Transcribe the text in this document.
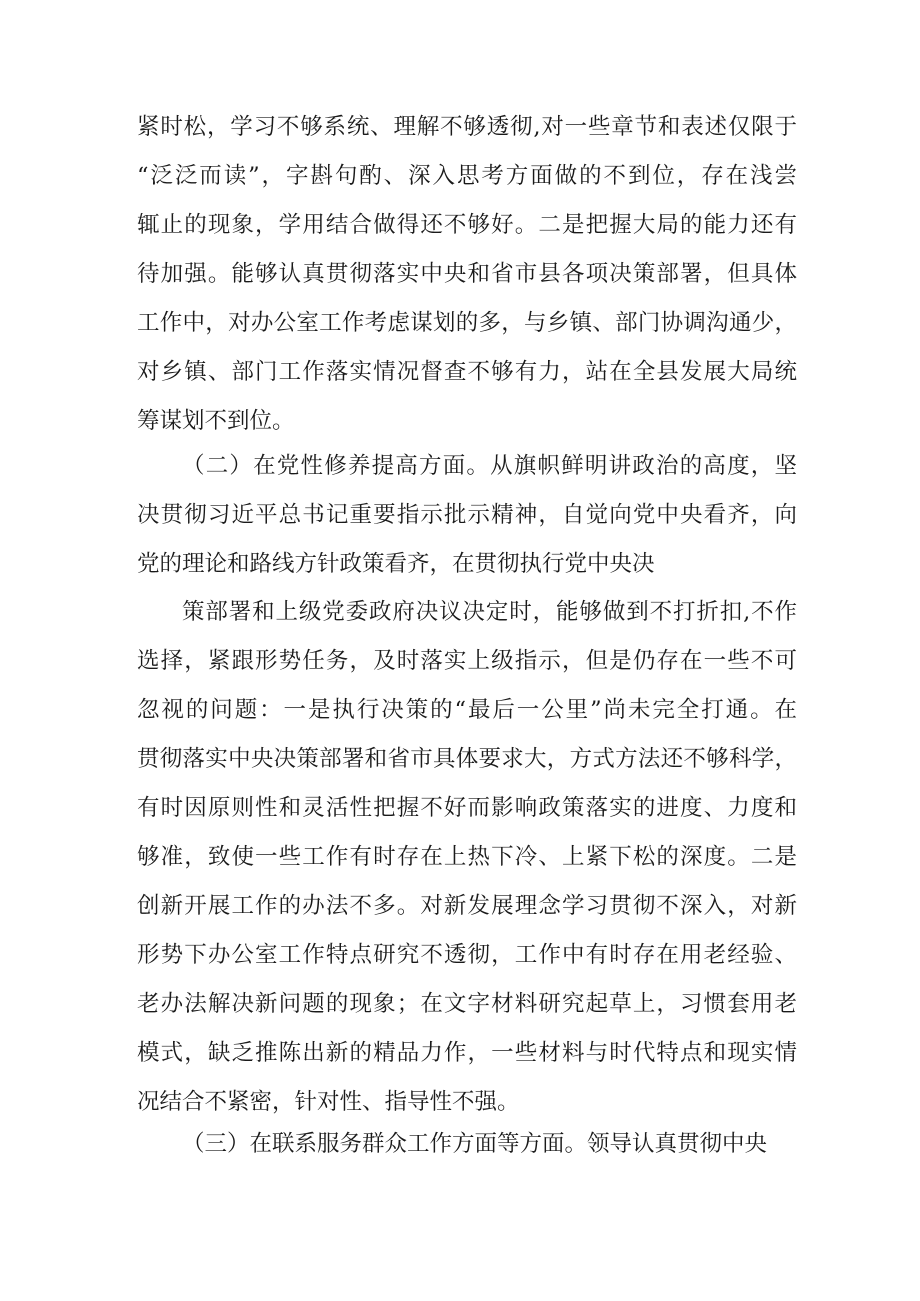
紧时松，学习不够系统、理解不够透彻,对一些章节和表述仅限于
“泛泛而读”，字斟句酌、深入思考方面做的不到位，存在浅尝
辄止的现象，学用结合做得还不够好。二是把握大局的能力还有
待加强。能够认真贯彻落实中央和省市县各项决策部署，但具体
工作中，对办公室工作考虑谋划的多，与乡镇、部门协调沟通少，
对乡镇、部门工作落实情况督查不够有力，站在全县发展大局统
筹谋划不到位。
（二）在党性修养提高方面。从旗帜鲜明讲政治的高度，坚
决贯彻习近平总书记重要指示批示精神，自觉向党中央看齐，向
党的理论和路线方针政策看齐，在贯彻执行党中央决
策部署和上级党委政府决议决定时，能够做到不打折扣,不作
选择，紧跟形势任务，及时落实上级指示，但是仍存在一些不可
忽视的问题：一是执行决策的“最后一公里”尚未完全打通。在
贯彻落实中央决策部署和省市具体要求大，方式方法还不够科学，
有时因原则性和灵活性把握不好而影响政策落实的进度、力度和
够准，致使一些工作有时存在上热下冷、上紧下松的深度。二是
创新开展工作的办法不多。对新发展理念学习贯彻不深入，对新
形势下办公室工作特点研究不透彻，工作中有时存在用老经验、
老办法解决新问题的现象；在文字材料研究起草上，习惯套用老
模式，缺乏推陈出新的精品力作，一些材料与时代特点和现实情
况结合不紧密，针对性、指导性不强。
（三）在联系服务群众工作方面等方面。领导认真贯彻中央
